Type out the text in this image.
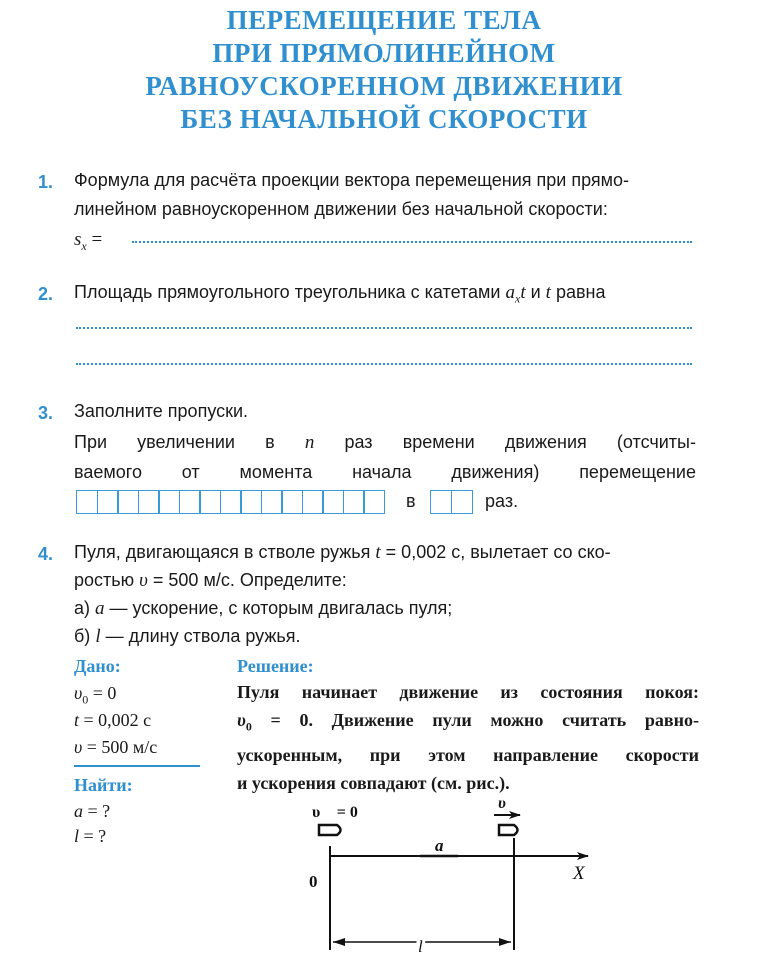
ПЕРЕМЕЩЕНИЕ ТЕЛА
ПРИ ПРЯМОЛИНЕЙНОМ
РАВНОУСКОРЕННОМ ДВИЖЕНИИ
БЕЗ НАЧАЛЬНОЙ СКОРОСТИ
1. Формула для расчёта проекции вектора перемещения при прямо-
линейном равноускоренном движении без начальной скорости:
$s_x$ =
2. Площадь прямоугольного треугольника с катетами $a_xt$ и t равна
3. Заполните пропуски.
При увеличении в n раз времени движения (отсчиты-
ваемого от момента начала движения) перемещение
в	раз.
4. Пуля, двигающаяся в стволе ружья t = 0,002 с, вылетает со ско-
ростью υ = 500 м/с. Определите:
а) a — ускорение, с которым двигалась пуля;
б) l — длину ствола ружья.
Дано:
$\upsilon_0 = 0$
t = 0,002 с
υ = 500 м/с
Найти:
a = ?
l = ?
Решение:
Пуля начинает движение из состояния покоя:
$\upsilon_0 = 0$. Движение пули можно считать равно-
ускоренным, при этом направление скорости
и ускорения совпадают (см. рис.).
υ⃗ = 0
υ⃗
a
0	X
l
